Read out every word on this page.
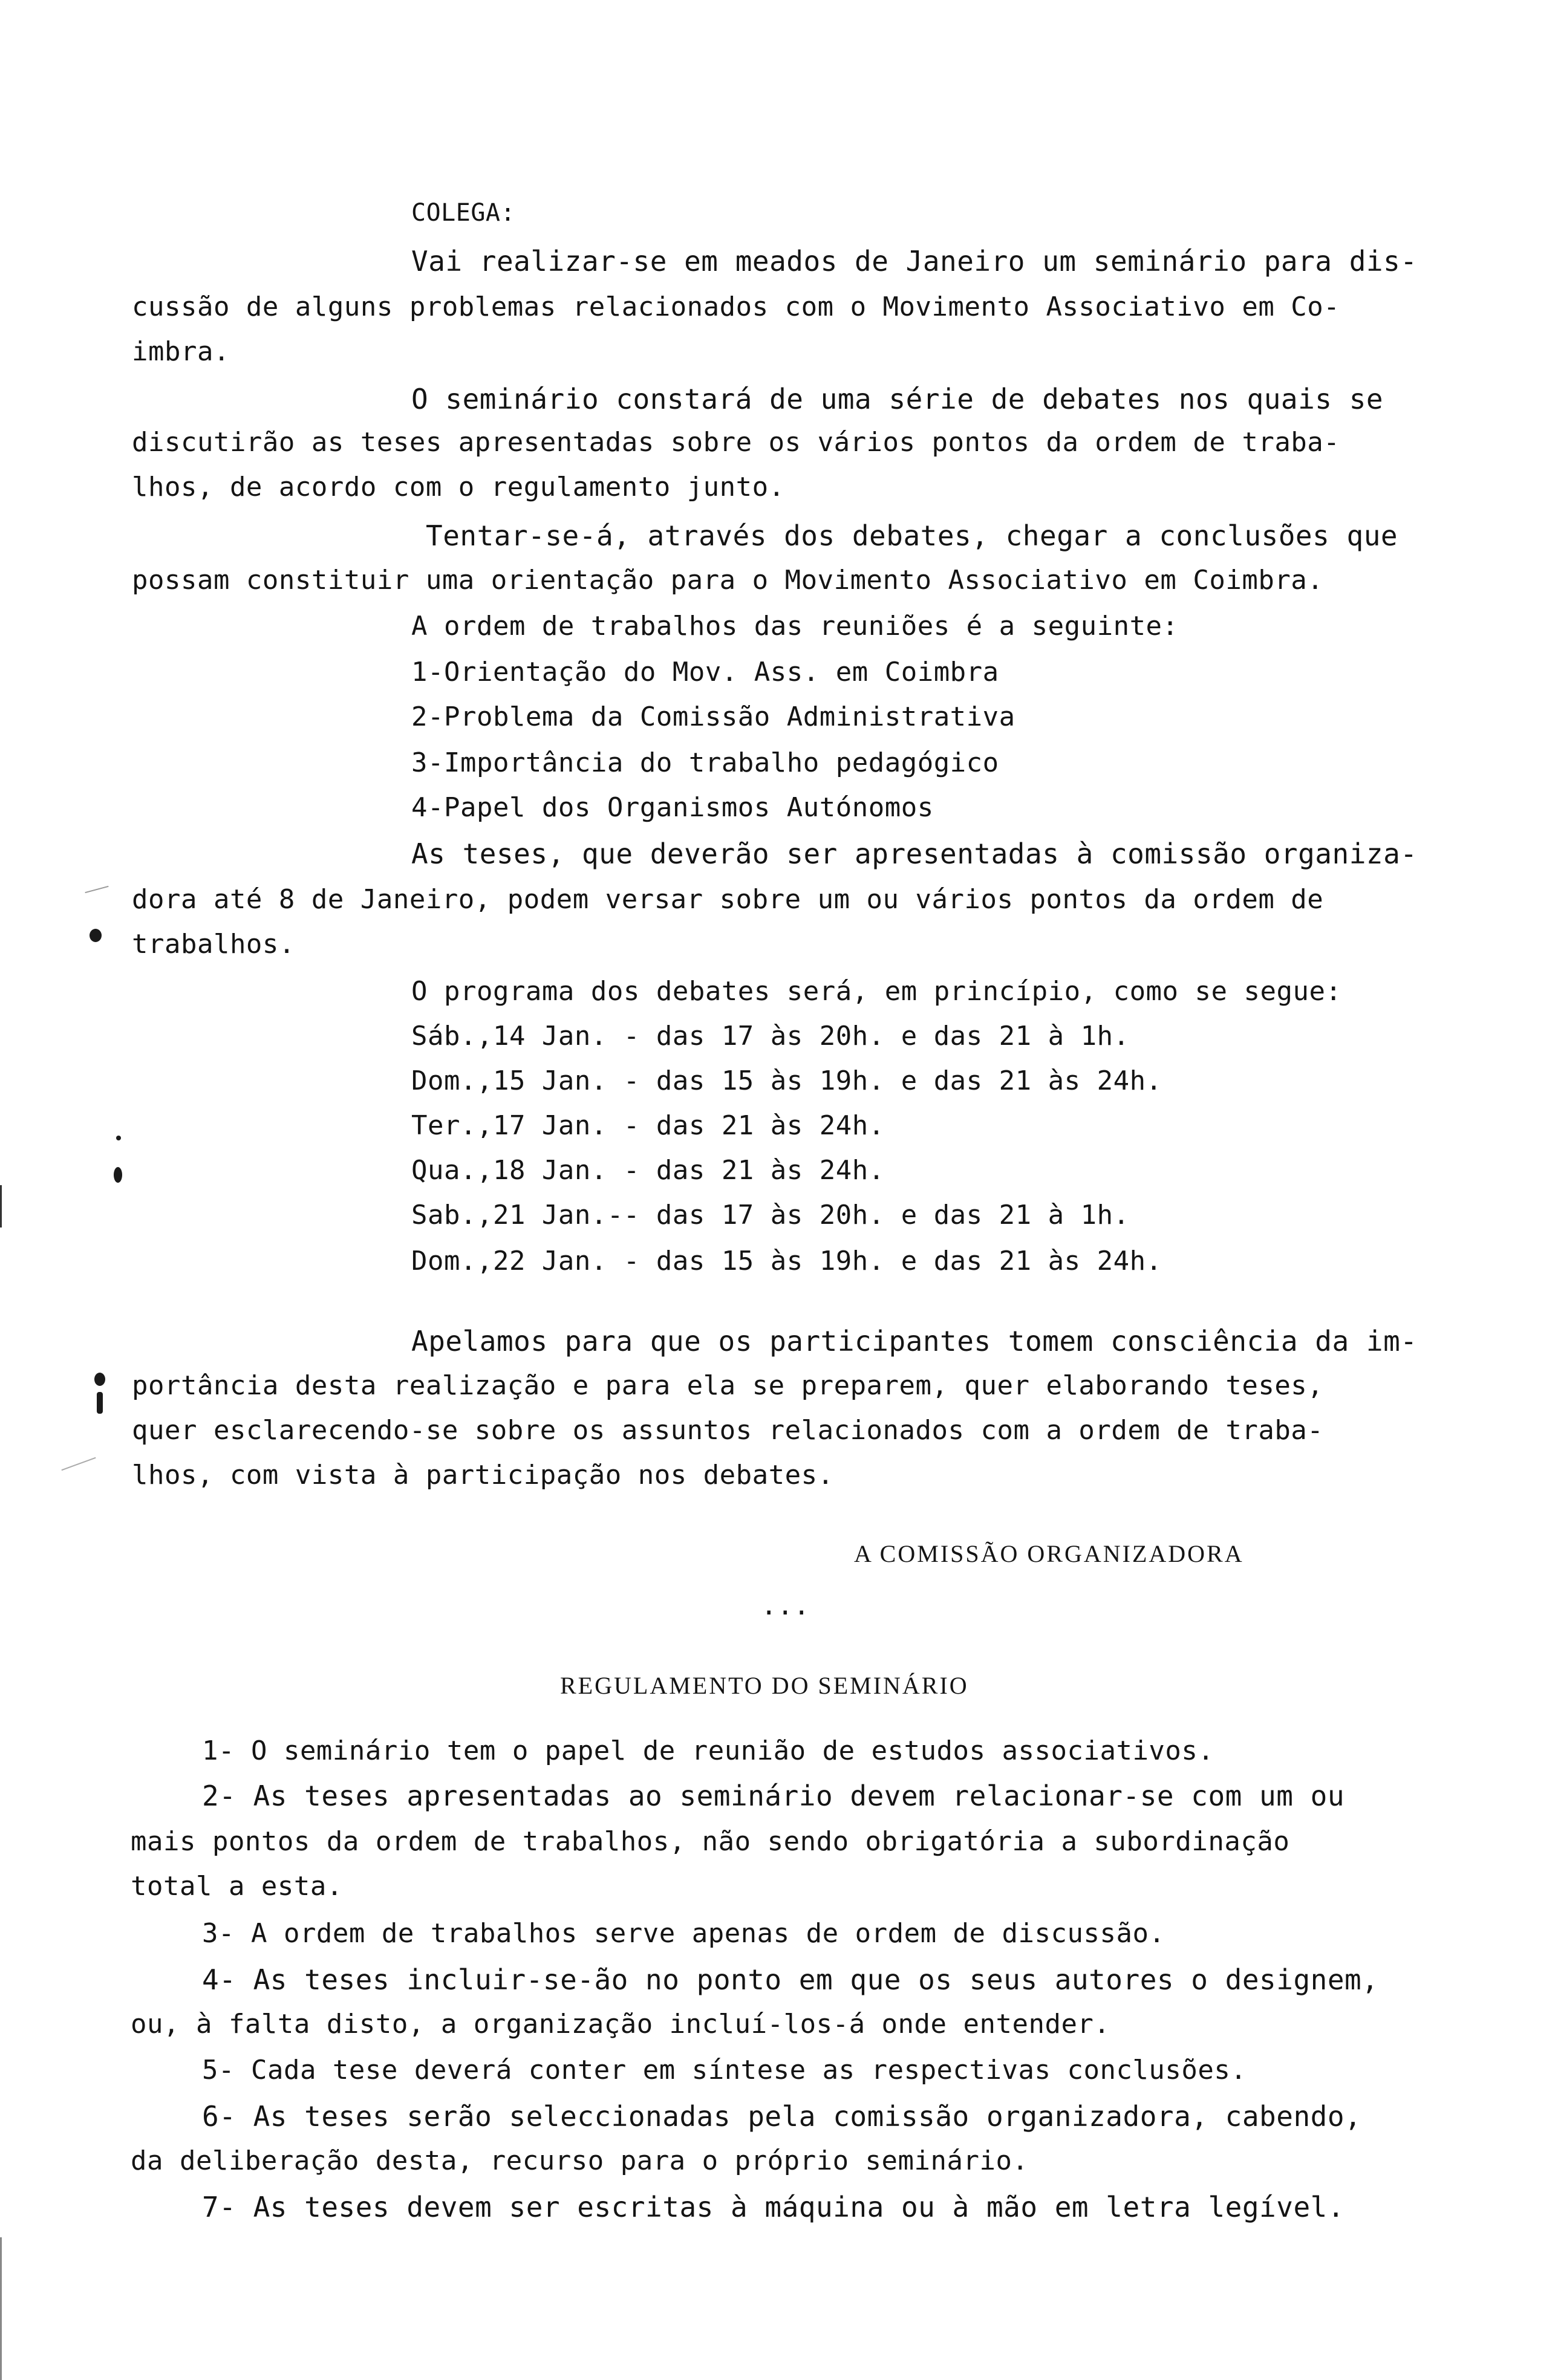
COLEGA:
Vai realizar-se em meados de Janeiro um seminário para dis-
cussão de alguns problemas relacionados com o Movimento Associativo em Co-
imbra.
O seminário constará de uma série de debates nos quais se
discutirão as teses apresentadas sobre os vários pontos da ordem de traba-
lhos, de acordo com o regulamento junto.
Tentar-se-á, através dos debates, chegar a conclusões que
possam constituir uma orientação para o Movimento Associativo em Coimbra.
A ordem de trabalhos das reuniões é a seguinte:
1-Orientação do Mov. Ass. em Coimbra
2-Problema da Comissão Administrativa
3-Importância do trabalho pedagógico
4-Papel dos Organismos Autónomos
As teses, que deverão ser apresentadas à comissão organiza-
dora até 8 de Janeiro, podem versar sobre um ou vários pontos da ordem de
trabalhos.
O programa dos debates será, em princípio, como se segue:
Sáb.,14 Jan. - das 17 às 20h. e das 21 à 1h.
Dom.,15 Jan. - das 15 às 19h. e das 21 às 24h.
Ter.,17 Jan. - das 21 às 24h.
Qua.,18 Jan. - das 21 às 24h.
Sab.,21 Jan.-- das 17 às 20h. e das 21 à 1h.
Dom.,22 Jan. - das 15 às 19h. e das 21 às 24h.
Apelamos para que os participantes tomem consciência da im-
portância desta realização e para ela se preparem, quer elaborando teses,
quer esclarecendo-se sobre os assuntos relacionados com a ordem de traba-
lhos, com vista à participação nos debates.
A COMISSÃO ORGANIZADORA
...
REGULAMENTO DO SEMINÁRIO
1- O seminário tem o papel de reunião de estudos associativos.
2- As teses apresentadas ao seminário devem relacionar-se com um ou
mais pontos da ordem de trabalhos, não sendo obrigatória a subordinação
total a esta.
3- A ordem de trabalhos serve apenas de ordem de discussão.
4- As teses incluir-se-ão no ponto em que os seus autores o designem,
ou, à falta disto, a organização incluí-los-á onde entender.
5- Cada tese deverá conter em síntese as respectivas conclusões.
6- As teses serão seleccionadas pela comissão organizadora, cabendo,
da deliberação desta, recurso para o próprio seminário.
7- As teses devem ser escritas à máquina ou à mão em letra legível.
